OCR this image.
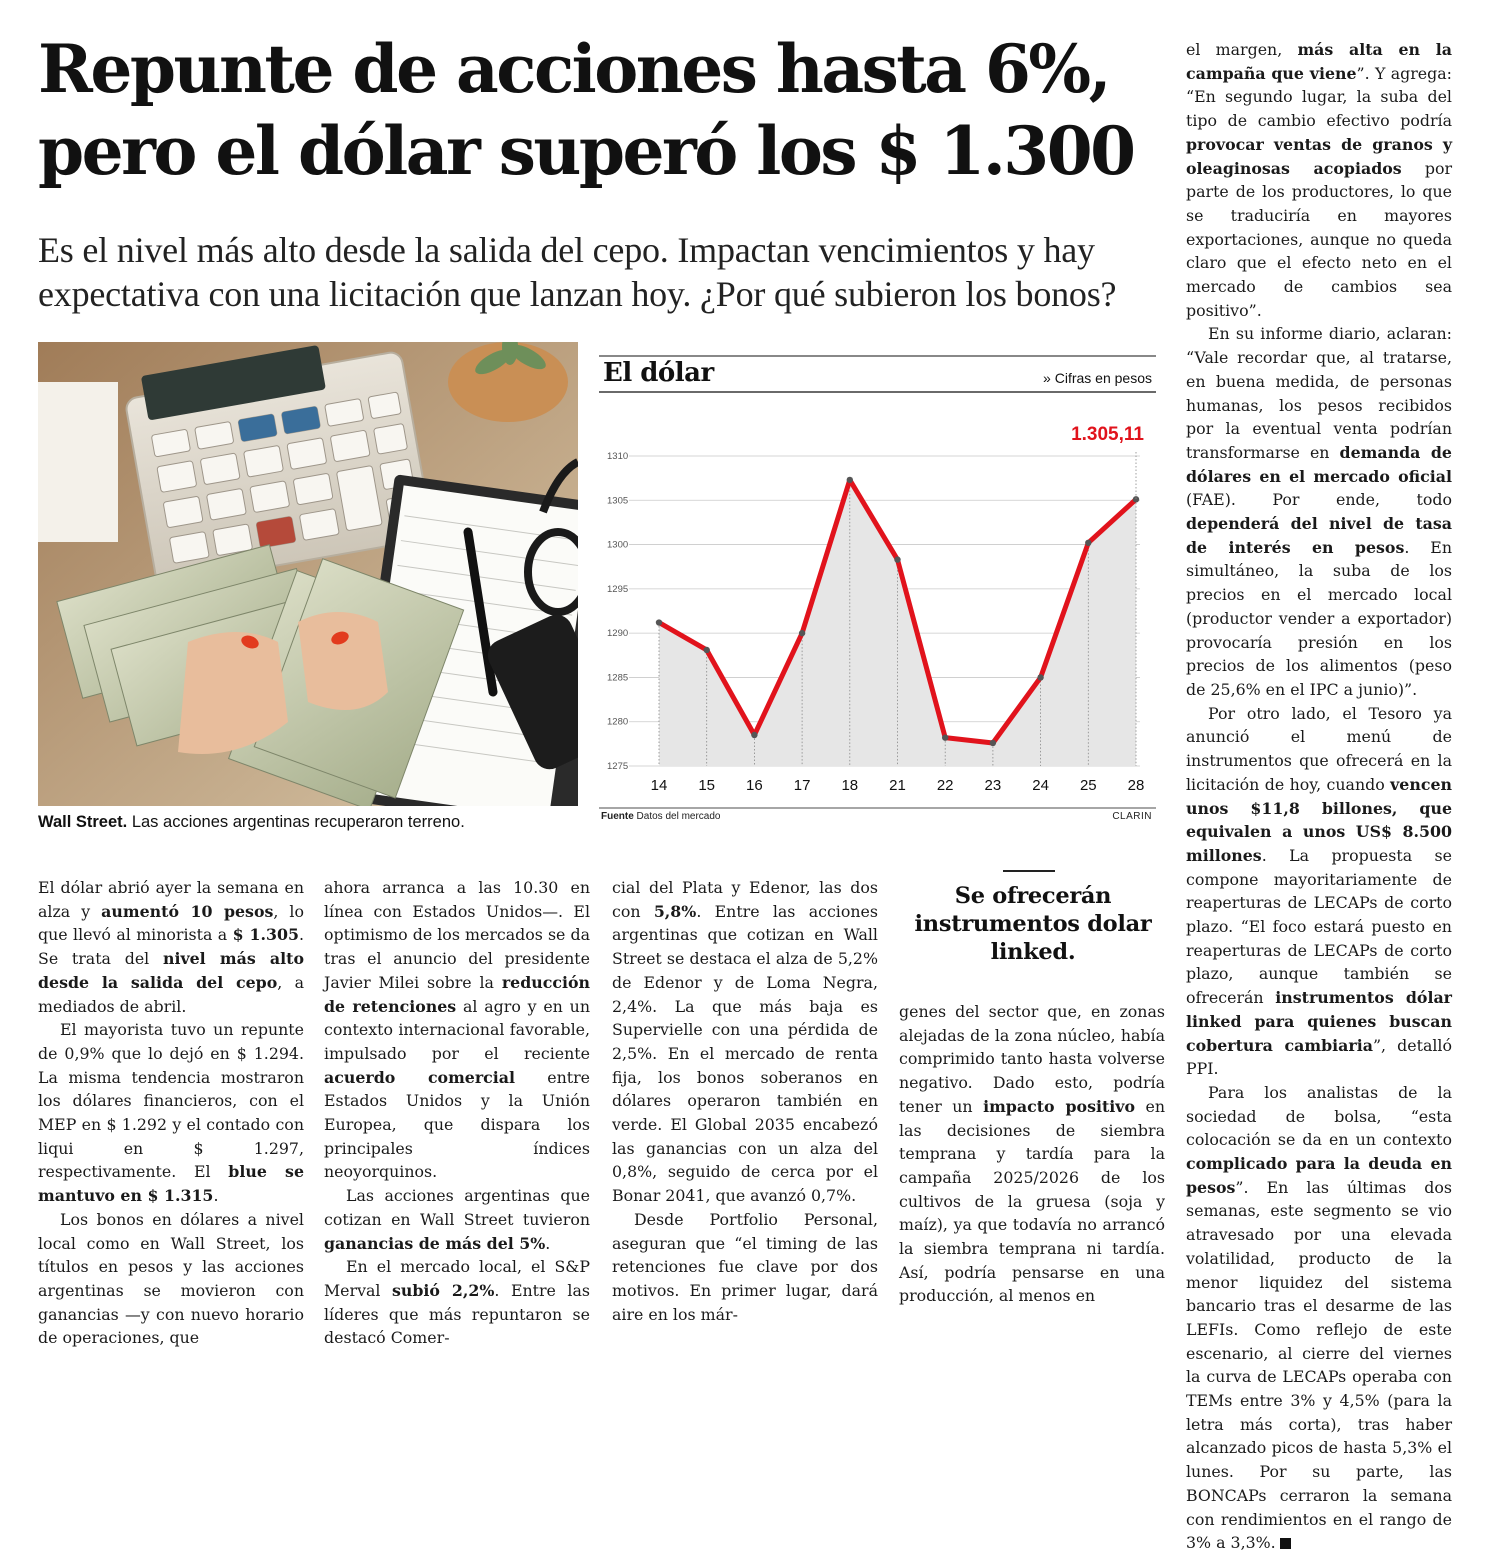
Repunte de acciones hasta 6%,
pero el dólar superó los $ 1.300

Es el nivel más alto desde la salida del cepo. Impactan vencimientos y hay expectativa con una licitación que lanzan hoy. ¿Por qué subieron los bonos?

Wall Street. Las acciones argentinas recuperaron terreno.
1310
1305
1300
1295
1290
1285
1280
1275
14 15 16 17 18 21 22 23 24 25 28
1.305,11
El dólar	» Cifras en pesos
Fuente Datos del mercado	CLARIN

El dólar abrió ayer la semana en alza y aumentó 10 pesos, lo que llevó al minorista a $ 1.305. Se trata del nivel más alto desde la salida del cepo, a mediados de abril.

El mayorista tuvo un repunte de 0,9% que lo dejó en $ 1.294. La misma tendencia mostraron los dólares financieros, con el MEP en $ 1.292 y el contado con liqui en $ 1.297, respectivamente. El blue se mantuvo en $ 1.315.

Los bonos en dólares a nivel local como en Wall Street, los títulos en pesos y las acciones argentinas se movieron con ganancias —y con nuevo horario de operaciones, que

ahora arranca a las 10.30 en línea con Estados Unidos—. El optimismo de los mercados se da tras el anuncio del presidente Javier Milei sobre la reducción de retenciones al agro y en un contexto internacional favorable, impulsado por el reciente acuerdo comercial entre Estados Unidos y la Unión Europea, que dispara los principales índices neoyorquinos.

Las acciones argentinas que cotizan en Wall Street tuvieron ganancias de más del 5%.

En el mercado local, el S&P Merval subió 2,2%. Entre las líderes que más repuntaron se destacó Comer-

cial del Plata y Edenor, las dos con 5,8%. Entre las acciones argentinas que cotizan en Wall Street se destaca el alza de 5,2% de Edenor y de Loma Negra, 2,4%. La que más baja es Supervielle con una pérdida de 2,5%. En el mercado de renta fija, los bonos soberanos en dólares operaron también en verde. El Global 2035 encabezó las ganancias con un alza del 0,8%, seguido de cerca por el Bonar 2041, que avanzó 0,7%.

Desde Portfolio Personal, aseguran que “el timing de las retenciones fue clave por dos motivos. En primer lugar, dará aire en los már-

Se ofrecerán instrumentos dolar linked.

genes del sector que, en zonas alejadas de la zona núcleo, había comprimido tanto hasta volverse negativo. Dado esto, podría tener un impacto positivo en las decisiones de siembra temprana y tardía para la campaña 2025/2026 de los cultivos de la gruesa (soja y maíz), ya que todavía no arrancó la siembra temprana ni tardía. Así, podría pensarse en una producción, al menos en

el margen, más alta en la campaña que viene”. Y agrega: “En segundo lugar, la suba del tipo de cambio efectivo podría provocar ventas de granos y oleaginosas acopiados por parte de los productores, lo que se traduciría en mayores exportaciones, aunque no queda claro que el efecto neto en el mercado de cambios sea positivo”.

En su informe diario, aclaran: “Vale recordar que, al tratarse, en buena medida, de personas humanas, los pesos recibidos por la eventual venta podrían transformarse en demanda de dólares en el mercado oficial (FAE). Por ende, todo dependerá del nivel de tasa de interés en pesos. En simultáneo, la suba de los precios en el mercado local (productor vender a exportador) provocaría presión en los precios de los alimentos (peso de 25,6% en el IPC a junio)”.

Por otro lado, el Tesoro ya anunció el menú de instrumentos que ofrecerá en la licitación de hoy, cuando vencen unos $11,8 billones, que equivalen a unos US$ 8.500 millones. La propuesta se compone mayoritariamente de reaperturas de LECAPs de corto plazo. “El foco estará puesto en reaperturas de LECAPs de corto plazo, aunque también se ofrecerán instrumentos dólar linked para quienes buscan cobertura cambiaria”, detalló PPI.

Para los analistas de la sociedad de bolsa, “esta colocación se da en un contexto complicado para la deuda en pesos”. En las últimas dos semanas, este segmento se vio atravesado por una elevada volatilidad, producto de la menor liquidez del sistema bancario tras el desarme de las LEFIs. Como reflejo de este escenario, al cierre del viernes la curva de LECAPs operaba con TEMs entre 3% y 4,5% (para la letra más corta), tras haber alcanzado picos de hasta 5,3% el lunes. Por su parte, las BONCAPs cerraron la semana con rendimientos en el rango de 3% a 3,3%.
